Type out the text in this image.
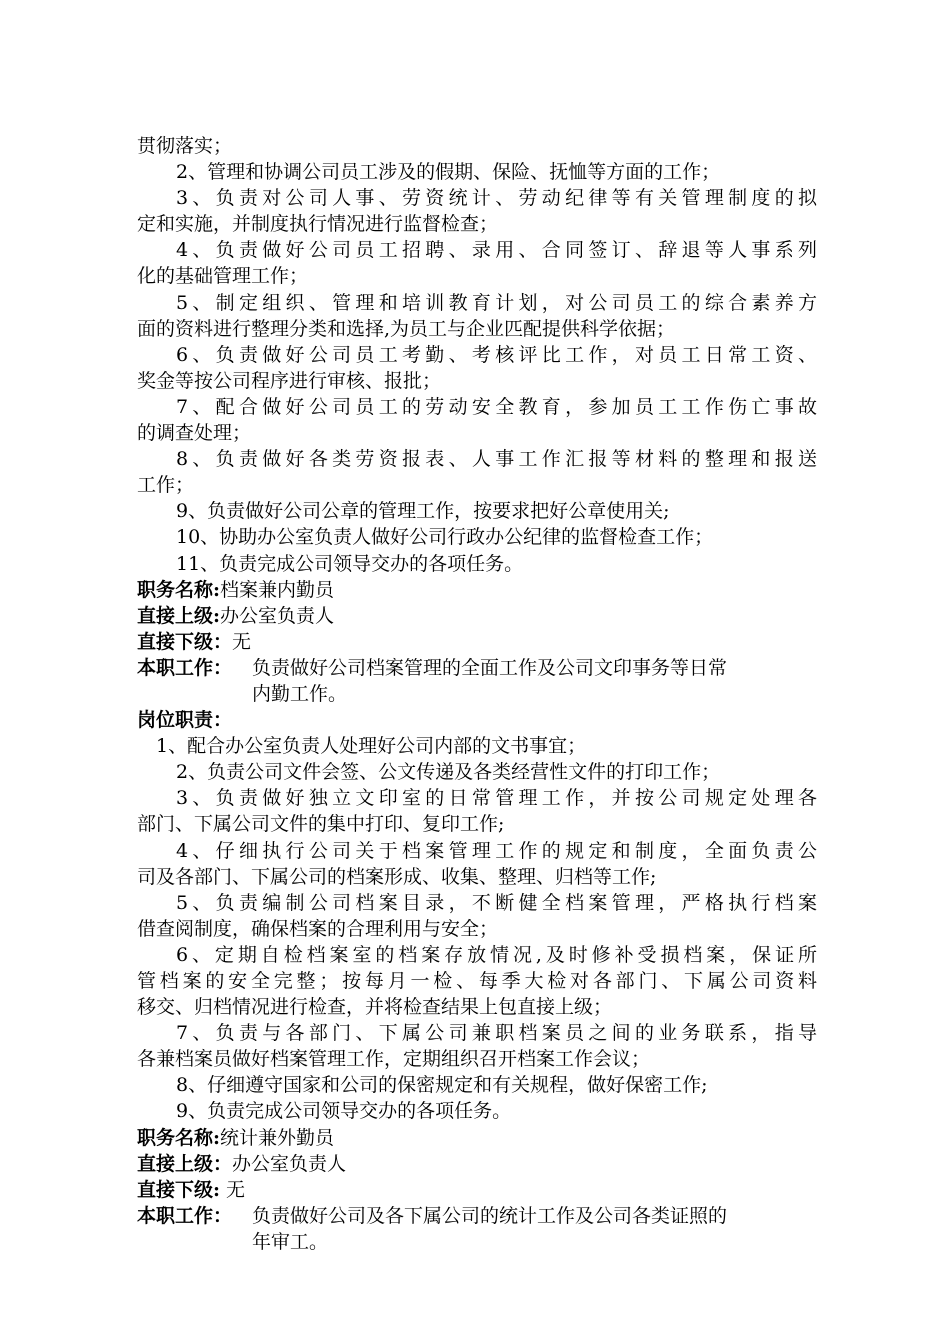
贯彻落实；
2、管理和协调公司员工涉及的假期、保险、抚恤等方面的工作；
3、负责对公司人事、劳资统计、劳动纪律等有关管理制度的拟
定和实施，并制度执行情况进行监督检查；
4、负责做好公司员工招聘、录用、合同签订、辞退等人事系列
化的基础管理工作；
5、制定组织、管理和培训教育计划，对公司员工的综合素养方
面的资料进行整理分类和选择,为员工与企业匹配提供科学依据；
6、负责做好公司员工考勤、考核评比工作，对员工日常工资、
奖金等按公司程序进行审核、报批；
7、配合做好公司员工的劳动安全教育，参加员工工作伤亡事故
的调查处理；
8、负责做好各类劳资报表、人事工作汇报等材料的整理和报送
工作；
9、负责做好公司公章的管理工作，按要求把好公章使用关;
10、协助办公室负责人做好公司行政办公纪律的监督检查工作；
11、负责完成公司领导交办的各项任务。
职务名称:档案兼内勤员
直接上级:办公室负责人
直接下级：无
本职工作：	负责做好公司档案管理的全面工作及公司文印事务等日常
内勤工作。
岗位职责：
1、配合办公室负责人处理好公司内部的文书事宜；
2、负责公司文件会签、公文传递及各类经营性文件的打印工作；
3、负责做好独立文印室的日常管理工作，并按公司规定处理各
部门、下属公司文件的集中打印、复印工作;
4、仔细执行公司关于档案管理工作的规定和制度，全面负责公
司及各部门、下属公司的档案形成、收集、整理、归档等工作;
5、负责编制公司档案目录，不断健全档案管理，严格执行档案
借查阅制度，确保档案的合理利用与安全；
6、定期自检档案室的档案存放情况,及时修补受损档案，保证所
管档案的安全完整；按每月一检、每季大检对各部门、下属公司资料
移交、归档情况进行检查，并将检查结果上包直接上级；
7、负责与各部门、下属公司兼职档案员之间的业务联系，指导
各兼档案员做好档案管理工作，定期组织召开档案工作会议；
8、仔细遵守国家和公司的保密规定和有关规程，做好保密工作;
9、负责完成公司领导交办的各项任务。
职务名称:统计兼外勤员
直接上级：办公室负责人
直接下级: 无
本职工作：	负责做好公司及各下属公司的统计工作及公司各类证照的
年审工。
